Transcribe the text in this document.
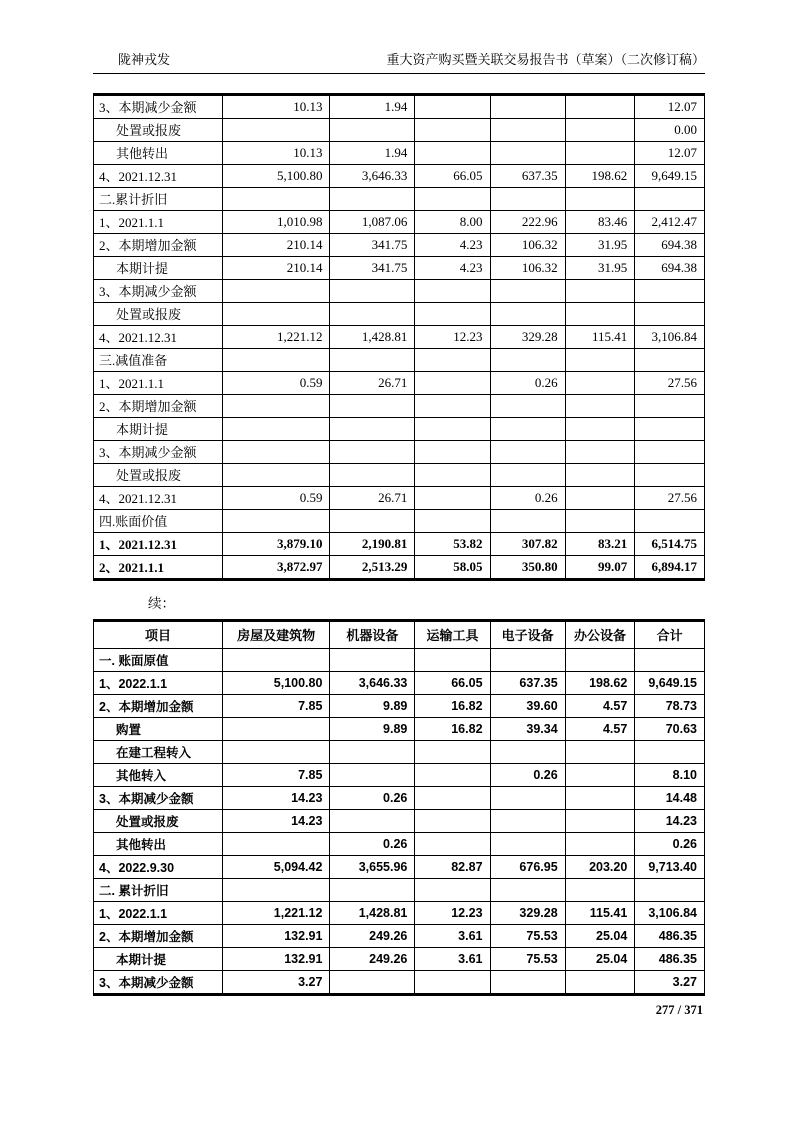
陇神戎发	重大资产购买暨关联交易报告书（草案）（二次修订稿）
3、本期减少金额	10.13	1.94				12.07
处置或报废						0.00
其他转出	10.13	1.94				12.07
4、2021.12.31	5,100.80	3,646.33	66.05	637.35	198.62	9,649.15
二.累计折旧						
1、2021.1.1	1,010.98	1,087.06	8.00	222.96	83.46	2,412.47
2、本期增加金额	210.14	341.75	4.23	106.32	31.95	694.38
本期计提	210.14	341.75	4.23	106.32	31.95	694.38
3、本期减少金额						
处置或报废						
4、2021.12.31	1,221.12	1,428.81	12.23	329.28	115.41	3,106.84
三.减值准备						
1、2021.1.1	0.59	26.71		0.26		27.56
2、本期增加金额						
本期计提						
3、本期减少金额						
处置或报废						
4、2021.12.31	0.59	26.71		0.26		27.56
四.账面价值						
1、2021.12.31	3,879.10	2,190.81	53.82	307.82	83.21	6,514.75
2、2021.1.1	3,872.97	2,513.29	58.05	350.80	99.07	6,894.17
续：
项目	房屋及建筑物	机器设备	运输工具	电子设备	办公设备	合计
一. 账面原值						
1、2022.1.1	5,100.80	3,646.33	66.05	637.35	198.62	9,649.15
2、本期增加金额	7.85	9.89	16.82	39.60	4.57	78.73
购置		9.89	16.82	39.34	4.57	70.63
在建工程转入						
其他转入	7.85			0.26		8.10
3、本期减少金额	14.23	0.26				14.48
处置或报废	14.23					14.23
其他转出		0.26				0.26
4、2022.9.30	5,094.42	3,655.96	82.87	676.95	203.20	9,713.40
二. 累计折旧						
1、2022.1.1	1,221.12	1,428.81	12.23	329.28	115.41	3,106.84
2、本期增加金额	132.91	249.26	3.61	75.53	25.04	486.35
本期计提	132.91	249.26	3.61	75.53	25.04	486.35
3、本期减少金额	3.27					3.27
277 / 371
